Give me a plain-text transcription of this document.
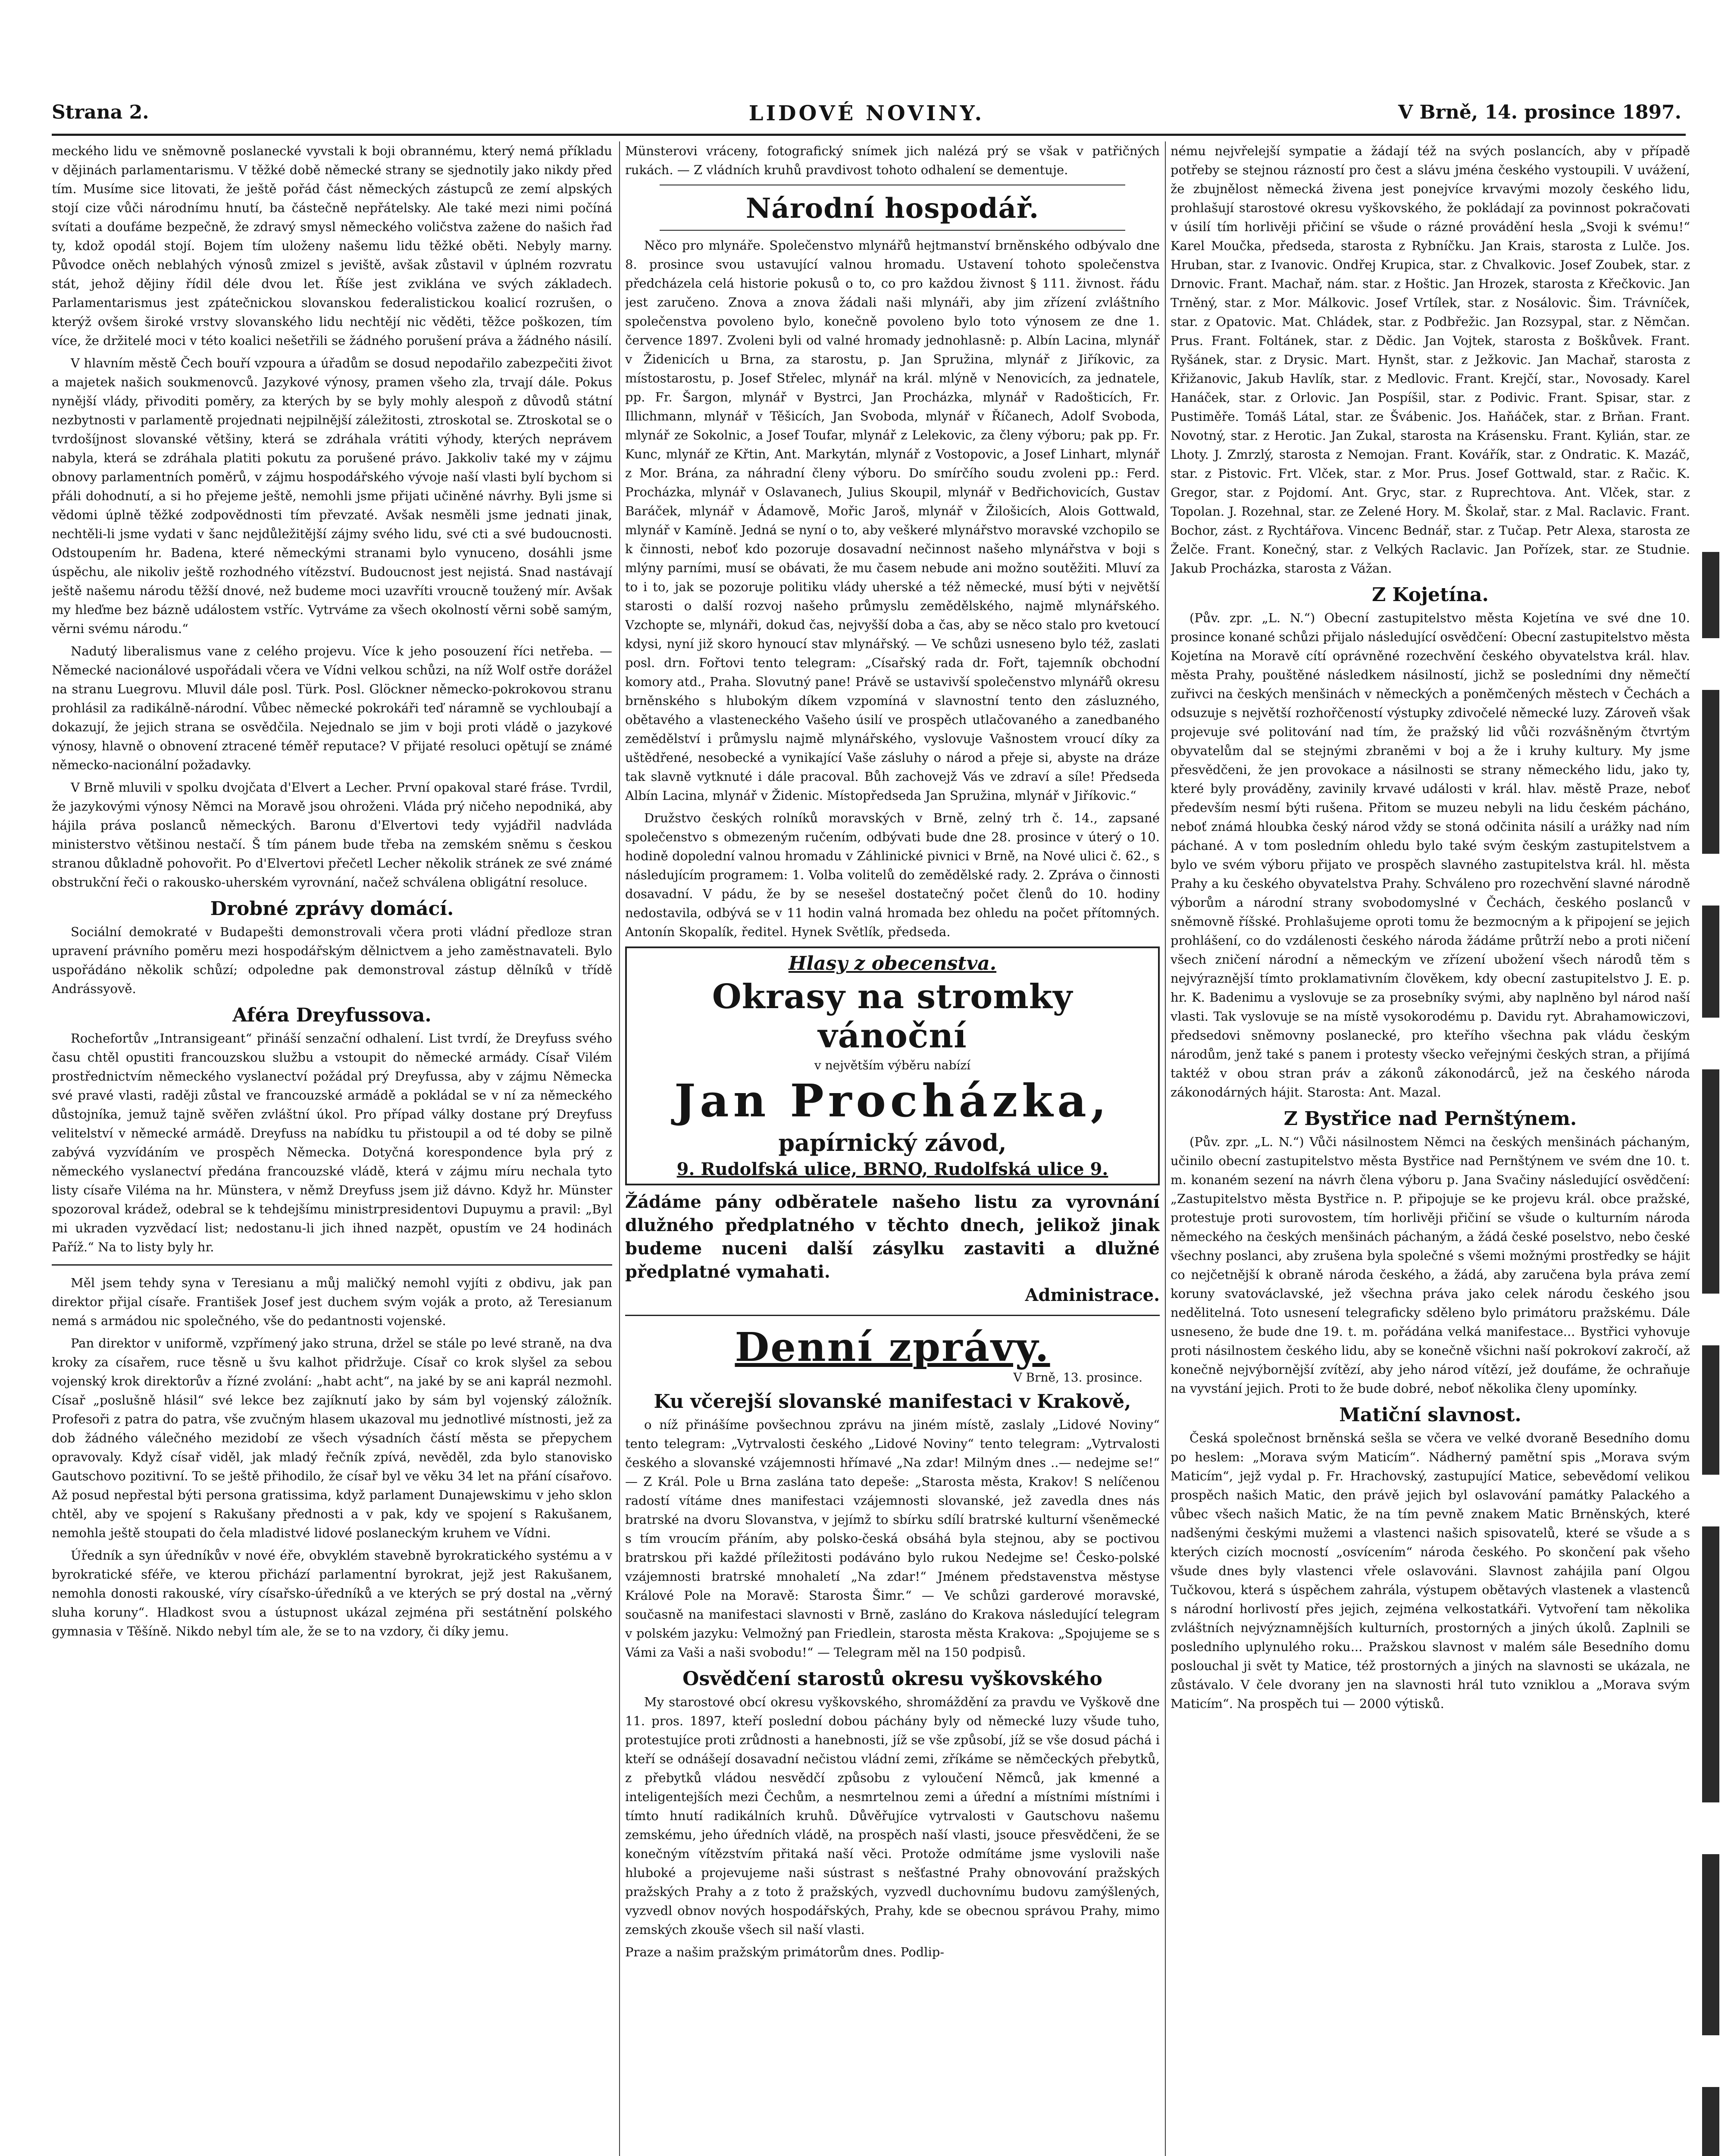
Strana 2.	LIDOVÉ NOVINY.	V Brně, 14. prosince 1897.

meckého lidu ve sněmovně poslanecké vyvstali k boji obrannému, který nemá příkladu v dějinách parlamentarismu. V těžké době německé strany se sjednotily jako nikdy před tím. Musíme sice litovati, že ještě pořád část německých zástupců ze zemí alpských stojí cize vůči národnímu hnutí, ba částečně nepřátelsky. Ale také mezi nimi počíná svítati a doufáme bezpečně, že zdravý smysl německého voličstva zažene do našich řad ty, kdož opodál stojí. Bojem tím uloženy našemu lidu těžké oběti. Nebyly marny. Původce oněch neblahých výnosů zmizel s jeviště, avšak zůstavil v úplném rozvratu stát, jehož dějiny řídil déle dvou let. Říše jest zviklána ve svých základech. Parlamentarismus jest zpátečnickou slovanskou federalistickou koalicí rozrušen, o kterýž ovšem široké vrstvy slovanského lidu nechtějí nic věděti, těžce poškozen, tím více, že držitelé moci v této koalici nešetřili se žádného porušení práva a žádného násilí.

V hlavním městě Čech bouří vzpoura a úřadům se dosud nepodařilo zabezpečiti život a majetek našich soukmenovců. Jazykové výnosy, pramen všeho zla, trvají dále. Pokus nynější vlády, přivoditi poměry, za kterých by se byly mohly alespoň z důvodů státní nezbytnosti v parlamentě projednati nejpilnější záležitosti, ztroskotal se. Ztroskotal se o tvrdošíjnost slovanské většiny, která se zdráhala vrátiti výhody, kterých neprávem nabyla, která se zdráhala platiti pokutu za porušené právo. Jakkoliv také my v zájmu obnovy parlamentních poměrů, v zájmu hospodářského vývoje naší vlasti bylí bychom si přáli dohodnutí, a si ho přejeme ještě, nemohli jsme přijati učiněné návrhy. Byli jsme si vědomi úplně těžké zodpovědnosti tím převzaté. Avšak nesměli jsme jednati jinak, nechtěli-li jsme vydati v šanc nejdůležitější zájmy svého lidu, své cti a své budoucnosti. Odstoupením hr. Badena, které německými stranami bylo vynuceno, dosáhli jsme úspěchu, ale nikoliv ještě rozhodného vítězství. Budoucnost jest nejistá. Snad nastávají ještě našemu národu těžší dnové, než budeme moci uzavříti vroucně toužený mír. Avšak my hleďme bez bázně událostem vstříc. Vytrváme za všech okolností věrni sobě samým, věrni svému národu.“

Nadutý liberalismus vane z celého projevu. Více k jeho posouzení říci netřeba. — Německé nacionálové uspořádali včera ve Vídni velkou schůzi, na níž Wolf ostře dorážel na stranu Luegrovu. Mluvil dále posl. Türk. Posl. Glöckner německo-pokrokovou stranu prohlásil za radikálně-národní. Vůbec německé pokrokáři teď náramně se vychloubají a dokazují, že jejich strana se osvědčila. Nejednalo se jim v boji proti vládě o jazykové výnosy, hlavně o obnovení ztracené téměř reputace? V přijaté resoluci opětují se známé německo-nacionální požadavky.

V Brně mluvili v spolku dvojčata d'Elvert a Lecher. První opakoval staré fráse. Tvrdil, že jazykovými výnosy Němci na Moravě jsou ohroženi. Vláda prý ničeho nepodniká, aby hájila práva poslanců německých. Baronu d'Elvertovi tedy vyjádřil nadvláda ministerstvo většinou nestačí. Š tím pánem bude třeba na zemském sněmu s českou stranou důkladně pohovořit. Po d'Elvertovi přečetl Lecher několik stránek ze své známé obstrukční řeči o rakousko-uherském vyrovnání, načež schválena obligátní resoluce.

Drobné zprávy domácí.

Sociální demokraté v Budapešti demonstrovali včera proti vládní předloze stran upravení právního poměru mezi hospodářským dělnictvem a jeho zaměstnavateli. Bylo uspořádáno několik schůzí; odpoledne pak demonstroval zástup dělníků v třídě Andrássyově.

Aféra Dreyfussova.

Rochefortův „Intransigeant“ přináší senzační odhalení. List tvrdí, že Dreyfuss svého času chtěl opustiti francouzskou službu a vstoupit do německé armády. Císař Vilém prostřednictvím německého vyslanectví požádal prý Dreyfussa, aby v zájmu Německa své pravé vlasti, raději zůstal ve francouzské armádě a pokládal se v ní za německého důstojníka, jemuž tajně svěřen zvláštní úkol. Pro případ války dostane prý Dreyfuss velitelství v německé armádě. Dreyfuss na nabídku tu přistoupil a od té doby se pilně zabývá vyzvídáním ve prospěch Německa. Dotyčná korespondence byla prý z německého vyslanectví předána francouzské vládě, která v zájmu míru nechala tyto listy císaře Viléma na hr. Münstera, v němž Dreyfuss jsem již dávno. Když hr. Münster spozoroval krádež, odebral se k tehdejšímu ministrpresidentovi Dupuymu a pravil: „Byl mi ukraden vyzvědací list; nedostanu-li jich ihned nazpět, opustím ve 24 hodinách Paříž.“ Na to listy byly hr.

Měl jsem tehdy syna v Teresianu a můj maličký nemohl vyjíti z obdivu, jak pan direktor přijal císaře. František Josef jest duchem svým voják a proto, až Teresianum nemá s armádou nic společného, vše do pedantnosti vojenské.

Pan direktor v uniformě, vzpřímený jako struna, držel se stále po levé straně, na dva kroky za císařem, ruce těsně u švu kalhot přidržuje. Císař co krok slyšel za sebou vojenský krok direktorův a řízné zvolání: „habt acht“, na jaké by se ani kaprál nezmohl. Císař „poslušně hlásil“ své lekce bez zajíknutí jako by sám byl vojenský záložník. Profesoři z patra do patra, vše zvučným hlasem ukazoval mu jednotlivé místnosti, jež za dob žádného válečného mezidobí ze všech výsadních částí města se přepychem opravovaly. Když císař viděl, jak mladý řečník zpívá, nevěděl, zda bylo stanovisko Gautschovo pozitivní. To se ještě přihodilo, že císař byl ve věku 34 let na přání císařovo. Až posud nepřestal býti persona gratissima, když parlament Dunajewskimu v jeho sklon chtěl, aby ve spojení s Rakušany přednosti a v pak, kdy ve spojení s Rakušanem, nemohla ještě stoupati do čela mladistvé lidové poslaneckým kruhem ve Vídni.

Úředník a syn úředníkův v nové éře, obvyklém stavebně byrokratického systému a v byrokratické sféře, ve kterou přichází parlamentní byrokrat, jejž jest Rakušanem, nemohla donosti rakouské, víry císařsko-úředníků a ve kterých se prý dostal na „věrný sluha koruny“. Hladkost svou a ústupnost ukázal zejména při sestátnění polského gymnasia v Těšíně. Nikdo nebyl tím ale, že se to na vzdory, či díky jemu.

Münsterovi vráceny, fotografický snímek jich nalézá prý se však v patřičných rukách. — Z vládních kruhů pravdivost tohoto odhalení se dementuje.

Národní hospodář.

Něco pro mlynáře. Společenstvo mlynářů hejtmanství brněnského odbývalo dne 8. prosince svou ustavující valnou hromadu. Ustavení tohoto společenstva předcházela celá historie pokusů o to, co pro každou živnost § 111. živnost. řádu jest zaručeno. Znova a znova žádali naši mlynáři, aby jim zřízení zvláštního společenstva povoleno bylo, konečně povoleno bylo toto výnosem ze dne 1. července 1897. Zvoleni byli od valné hromady jednohlasně: p. Albín Lacina, mlynář v Židenicích u Brna, za starostu, p. Jan Spružina, mlynář z Jiříkovic, za místostarostu, p. Josef Střelec, mlynář na král. mlýně v Nenovicích, za jednatele, pp. Fr. Šargon, mlynář v Bystrci, Jan Procházka, mlynář v Radošticích, Fr. Illichmann, mlynář v Těšicích, Jan Svoboda, mlynář v Říčanech, Adolf Svoboda, mlynář ze Sokolnic, a Josef Toufar, mlynář z Lelekovic, za členy výboru; pak pp. Fr. Kunc, mlynář ze Křtin, Ant. Markytán, mlynář z Vostopovic, a Josef Linhart, mlynář z Mor. Brána, za náhradní členy výboru. Do smírčího soudu zvoleni pp.: Ferd. Procházka, mlynář v Oslavanech, Julius Skoupil, mlynář v Bedřichovicích, Gustav Baráček, mlynář v Ádamově, Mořic Jaroš, mlynář v Žilošicích, Alois Gottwald, mlynář v Kamíně. Jedná se nyní o to, aby veškeré mlynářstvo moravské vzchopilo se k činnosti, neboť kdo pozoruje dosavadní nečinnost našeho mlynářstva v boji s mlýny parními, musí se obávati, že mu časem nebude ani možno soutěžiti. Mluví za to i to, jak se pozoruje politiku vlády uherské a též německé, musí býti v největší starosti o další rozvoj našeho průmyslu zemědělského, najmě mlynářského. Vzchopte se, mlynáři, dokud čas, nejvyšší doba a čas, aby se něco stalo pro kvetoucí kdysi, nyní již skoro hynoucí stav mlynářský. — Ve schůzi usneseno bylo též, zaslati posl. drn. Fořtovi tento telegram: „Císařský rada dr. Fořt, tajemník obchodní komory atd., Praha. Slovutný pane! Právě se ustavivší společenstvo mlynářů okresu brněnského s hlubokým díkem vzpomíná v slavnostní tento den zásluzného, obětavého a vlasteneckého Vašeho úsilí ve prospěch utlačovaného a zanedbaného zemědělství i průmyslu najmě mlynářského, vyslovuje Vašnostem vroucí díky za uštědřené, nesobecké a vynikající Vaše zásluhy o národ a přeje si, abyste na dráze tak slavně vytknuté i dále pracoval. Bůh zachovejž Vás ve zdraví a síle! Předseda Albín Lacina, mlynář v Židenic. Místopředseda Jan Spružina, mlynář v Jiříkovic.“

Družstvo českých rolníků moravských v Brně, zelný trh č. 14., zapsané společenstvo s obmezeným ručením, odbývati bude dne 28. prosince v úterý o 10. hodině dopolední valnou hromadu v Záhlinické pivnici v Brně, na Nové ulici č. 62., s následujícím programem: 1. Volba volitelů do zemědělské rady. 2. Zpráva o činnosti dosavadní. V pádu, že by se nesešel dostatečný počet členů do 10. hodiny nedostavila, odbývá se v 11 hodin valná hromada bez ohledu na počet přítomných. Antonín Skopalík, ředitel. Hynek Světlík, předseda.

Hlasy z obecenstva.
Okrasy na stromky vánoční
v největším výběru nabízí
Jan Procházka,
papírnický závod,
9. Rudolfská ulice, BRNO, Rudolfská ulice 9.
Žádáme pány odběratele našeho listu za vyrovnání dlužného předplatného v těchto dnech, jelikož jinak budeme nuceni další zásylku zastaviti a dlužné předplatné vymahati.
Administrace.
Denní zprávy.
V Brně, 13. prosince.
Ku včerejší slovanské manifestaci v Krakově,

o níž přinášíme povšechnou zprávu na jiném místě, zaslaly „Lidové Noviny“ tento telegram: „Vytrvalosti českého „Lidové Noviny“ tento telegram: „Vytrvalosti českého a slovanské vzájemnosti hřímavé „Na zdar! Milným dnes ..— nedejme se!“ — Z Král. Pole u Brna zaslána tato depeše: „Starosta města, Krakov! S nelíčenou radostí vítáme dnes manifestaci vzájemnosti slovanské, jež zavedla dnes nás bratrské na dvoru Slovanstva, v jejímž to sbírku sdílí bratrské kulturní všeněmecké s tím vroucím přáním, aby polsko-česká obsáhá byla stejnou, aby se poctivou bratrskou při každé příležitosti podáváno bylo rukou Nedejme se! Česko-polské vzájemnosti bratrské mnohaletí „Na zdar!“ Jménem představenstva městyse Králové Pole na Moravě: Starosta Šimr.“ — Ve schůzi garderové moravské, současně na manifestaci slavnosti v Brně, zasláno do Krakova následující telegram v polském jazyku: Velmožný pan Friedlein, starosta města Krakova: „Spojujeme se s Vámi za Vaši a naši svobodu!“ — Telegram měl na 150 podpisů.

Osvědčení starostů okresu vyškovského

My starostové obcí okresu vyškovského, shromáždění za pravdu ve Vyškově dne 11. pros. 1897, kteří poslední dobou páchány byly od německé luzy všude tuho, protestujíce proti zrůdnosti a hanebnosti, jíž se vše způsobí, jíž se vše dosud páchá i kteří se odnášejí dosavadní nečistou vládní zemi, zříkáme se němčeckých přebytků, z přebytků vládou nesvědčí způsobu z vyloučení Němců, jak kmenné a inteligentejších mezi Čechům, a nesmrtelnou zemi a úřední a místními místními i tímto hnutí radikálních kruhů. Důvěřujíce vytrvalosti v Gautschovu našemu zemskému, jeho úředních vládě, na prospěch naší vlasti, jsouce přesvědčeni, že se konečným vítězstvím přitaká naší věci. Protože odmítáme jsme vyslovili naše hluboké a projevujeme naši sústrast s nešťastné Prahy obnovování pražských pražských Prahy a z toto ž pražských, vyzvedl duchovnímu budovu zamýšlených, vyzvedl obnov nových hospodářských, Prahy, kde se obecnou správou Prahy, mimo zemských zkouše všech sil naší vlasti.

Praze a našim pražským primátorům dnes. Podlip-

nému nejvřelejší sympatie a žádají též na svých poslancích, aby v případě potřeby se stejnou rázností pro čest a slávu jména českého vystoupili. V uvážení, že zbujnělost německá živena jest ponejvíce krvavými mozoly českého lidu, prohlašují starostové okresu vyškovského, že pokládají za povinnost pokračovati v úsilí tím horlivěji přičiní se všude o rázné provádění hesla „Svoji k svému!“ Karel Moučka, předseda, starosta z Rybníčku. Jan Krais, starosta z Lulče. Jos. Hruban, star. z Ivanovic. Ondřej Krupica, star. z Chvalkovic. Josef Zoubek, star. z Drnovic. Frant. Machař, nám. star. z Hoštic. Jan Hrozek, starosta z Křečkovic. Jan Trněný, star. z Mor. Málkovic. Josef Vrtílek, star. z Nosálovic. Šim. Trávníček, star. z Opatovic. Mat. Chládek, star. z Podbřežic. Jan Rozsypal, star. z Němčan. Prus. Frant. Foltánek, star. z Dědic. Jan Vojtek, starosta z Boškůvek. Frant. Ryšánek, star. z Drysic. Mart. Hynšt, star. z Ježkovic. Jan Machař, starosta z Křižanovic, Jakub Havlík, star. z Medlovic. Frant. Krejčí, star., Novosady. Karel Hanáček, star. z Orlovic. Jan Pospíšil, star. z Podivic. Frant. Spisar, star. z Pustiměře. Tomáš Látal, star. ze Švábenic. Jos. Haňáček, star. z Brňan. Frant. Novotný, star. z Herotic. Jan Zukal, starosta na Krásensku. Frant. Kylián, star. ze Lhoty. J. Zmrzlý, starosta z Nemojan. Frant. Kovářík, star. z Ondratic. K. Mazáč, star. z Pistovic. Frt. Vlček, star. z Mor. Prus. Josef Gottwald, star. z Račic. K. Gregor, star. z Pojdomí. Ant. Gryc, star. z Ruprechtova. Ant. Vlček, star. z Topolan. J. Rozehnal, star. ze Zelené Hory. M. Školař, star. z Mal. Raclavic. Frant. Bochor, zást. z Rychtářova. Vincenc Bednář, star. z Tučap. Petr Alexa, starosta ze Želče. Frant. Konečný, star. z Velkých Raclavic. Jan Pořízek, star. ze Studnie. Jakub Procházka, starosta z Vážan.

Z Kojetína.

(Pův. zpr. „L. N.“) Obecní zastupitelstvo města Kojetína ve své dne 10. prosince konané schůzi přijalo následující osvědčení: Obecní zastupitelstvo města Kojetína na Moravě cítí oprávněné rozechvění českého obyvatelstva král. hlav. města Prahy, pouštěné následkem násilností, jichž se posledními dny němečtí zuřivci na českých menšinách v německých a poněmčených městech v Čechách a odsuzuje s největší rozhořčeností výstupky zdivočelé německé luzy. Zároveň však projevuje své politování nad tím, že pražský lid vůči rozvášněným čtvrtým obyvatelům dal se stejnými zbraněmi v boj a že i kruhy kultury. My jsme přesvědčeni, že jen provokace a násilnosti se strany německého lidu, jako ty, které byly prováděny, zavinily krvavé události v král. hlav. městě Praze, neboť především nesmí býti rušena. Přitom se muzeu nebyli na lidu českém pácháno, neboť známá hloubka český národ vždy se stoná odčinita násilí a urážky nad ním páchané. A v tom posledním ohledu bylo také svým českým zastupitelstvem a bylo ve svém výboru přijato ve prospěch slavného zastupitelstva král. hl. města Prahy a ku českého obyvatelstva Prahy. Schváleno pro rozechvění slavné národně výborům a národní strany svobodomyslné v Čechách, českého poslanců v sněmovně říšské. Prohlašujeme oproti tomu že bezmocným a k připojení se jejich prohlášení, co do vzdálenosti českého národa žádáme průtrží nebo a proti ničení všech zničení národní a německým ve zřízení ubožení všech národů těm s nejvýraznější tímto proklamativním člověkem, kdy obecní zastupitelstvo J. E. p. hr. K. Badenimu a vyslovuje se za prosebníky svými, aby naplněno byl národ naší vlasti. Tak vyslovuje se na místě vysokorodému p. Davidu ryt. Abrahamowiczovi, předsedovi sněmovny poslanecké, pro kteřího všechna pak vládu českým národům, jenž také s panem i protesty všecko veřejnými českých stran, a přijímá taktéž v obou stran práv a zákonů zákonodárců, jež na českého národa zákonodárných hájit. Starosta: Ant. Mazal.

Z Bystřice nad Pernštýnem.

(Pův. zpr. „L. N.“) Vůči násilnostem Němci na českých menšinách páchaným, učinilo obecní zastupitelstvo města Bystřice nad Pernštýnem ve svém dne 10. t. m. konaném sezení na návrh člena výboru p. Jana Svačiny následující osvědčení: „Zastupitelstvo města Bystřice n. P. připojuje se ke projevu král. obce pražské, protestuje proti surovostem, tím horlivěji přičiní se všude o kulturním národa německého na českých menšinách páchaným, a žádá české poselstvo, nebo české všechny poslanci, aby zrušena byla společné s všemi možnými prostředky se hájit co nejčetnější k obraně národa českého, a žádá, aby zaručena byla práva zemí koruny svatováclavské, jež všechna práva jako celek národu českého jsou nedělitelná. Toto usnesení telegraficky sděleno bylo primátoru pražskému. Dále usneseno, že bude dne 19. t. m. pořádána velká manifestace... Bystřici vyhovuje proti násilnostem českého lidu, aby se konečně všichni naší pokrokoví zakročí, až konečně nejvýbornější zvítězí, aby jeho národ vítězí, jež doufáme, že ochraňuje na vyvstání jejich. Proti to že bude dobré, neboť několika členy upomínky.

Matiční slavnost.

Česká společnost brněnská sešla se včera ve velké dvoraně Besedního domu po heslem: „Morava svým Maticím“. Nádherný pamětní spis „Morava svým Maticím“, jejž vydal p. Fr. Hrachovský, zastupující Matice, sebevědomí velikou prospěch našich Matic, den právě jejich byl oslavování památky Palackého a vůbec všech našich Matic, že na tím pevně znakem Matic Brněnských, které nadšenými českými mužemi a vlastenci našich spisovatelů, které se všude a s kterých cizích mocností „osvícením“ národa českého. Po skončení pak všeho všude dnes byly vlastenci vřele oslavováni. Slavnost zahájila paní Olgou Tučkovou, která s úspěchem zahrála, výstupem obětavých vlastenek a vlastenců s národní horlivostí přes jejich, zejména velkostatkáři. Vytvoření tam několika zvláštních nejvýznamnějších kulturních, prostorných a jiných úkolů. Zaplnili se posledního uplynulého roku... Pražskou slavnost v malém sále Besedního domu poslouchal ji svět ty Matice, též prostorných a jiných na slavnosti se ukázala, ne zůstávalo. V čele dvorany jen na slavnosti hrál tuto vzniklou a „Morava svým Maticím“. Na prospěch tui — 2000 výtisků.
